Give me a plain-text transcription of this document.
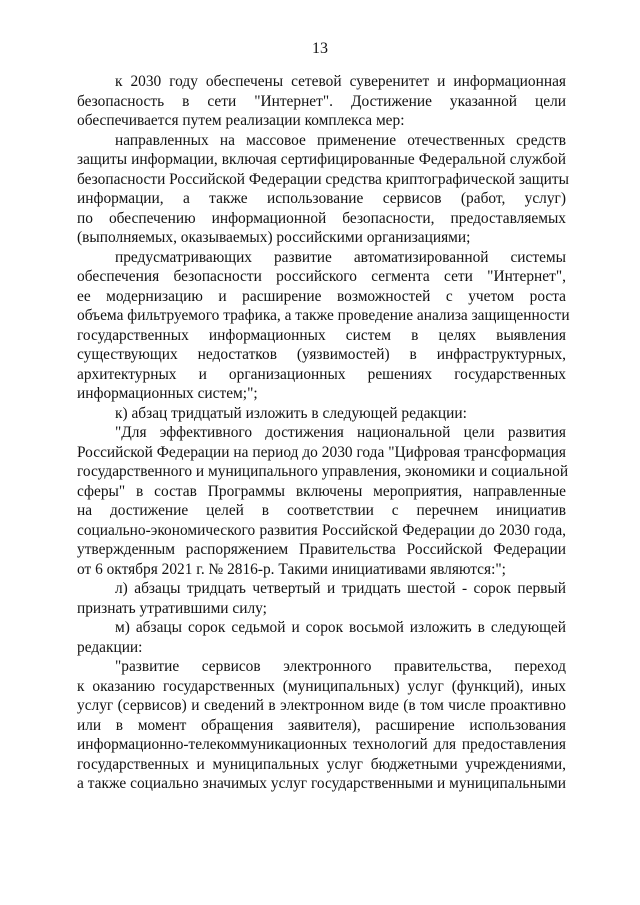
13
к 2030 году обеспечены сетевой суверенитет и информационная
безопасность в сети "Интернет". Достижение указанной цели
обеспечивается путем реализации комплекса мер:
направленных на массовое применение отечественных средств
защиты информации, включая сертифицированные Федеральной службой
безопасности Российской Федерации средства криптографической защиты
информации, а также использование сервисов (работ, услуг)
по обеспечению информационной безопасности, предоставляемых
(выполняемых, оказываемых) российскими организациями;
предусматривающих развитие автоматизированной системы
обеспечения безопасности российского сегмента сети "Интернет",
ее модернизацию и расширение возможностей с учетом роста
объема фильтруемого трафика, а также проведение анализа защищенности
государственных информационных систем в целях выявления
существующих недостатков (уязвимостей) в инфраструктурных,
архитектурных и организационных решениях государственных
информационных систем;";
к) абзац тридцатый изложить в следующей редакции:
"Для эффективного достижения национальной цели развития
Российской Федерации на период до 2030 года "Цифровая трансформация
государственного и муниципального управления, экономики и социальной
сферы" в состав Программы включены мероприятия, направленные
на достижение целей в соответствии с перечнем инициатив
социально-экономического развития Российской Федерации до 2030 года,
утвержденным распоряжением Правительства Российской Федерации
от 6 октября 2021 г. № 2816-р. Такими инициативами являются:";
л) абзацы тридцать четвертый и тридцать шестой - сорок первый
признать утратившими силу;
м) абзацы сорок седьмой и сорок восьмой изложить в следующей
редакции:
"развитие сервисов электронного правительства, переход
к оказанию государственных (муниципальных) услуг (функций), иных
услуг (сервисов) и сведений в электронном виде (в том числе проактивно
или в момент обращения заявителя), расширение использования
информационно-телекоммуникационных технологий для предоставления
государственных и муниципальных услуг бюджетными учреждениями,
а также социально значимых услуг государственными и муниципальными
